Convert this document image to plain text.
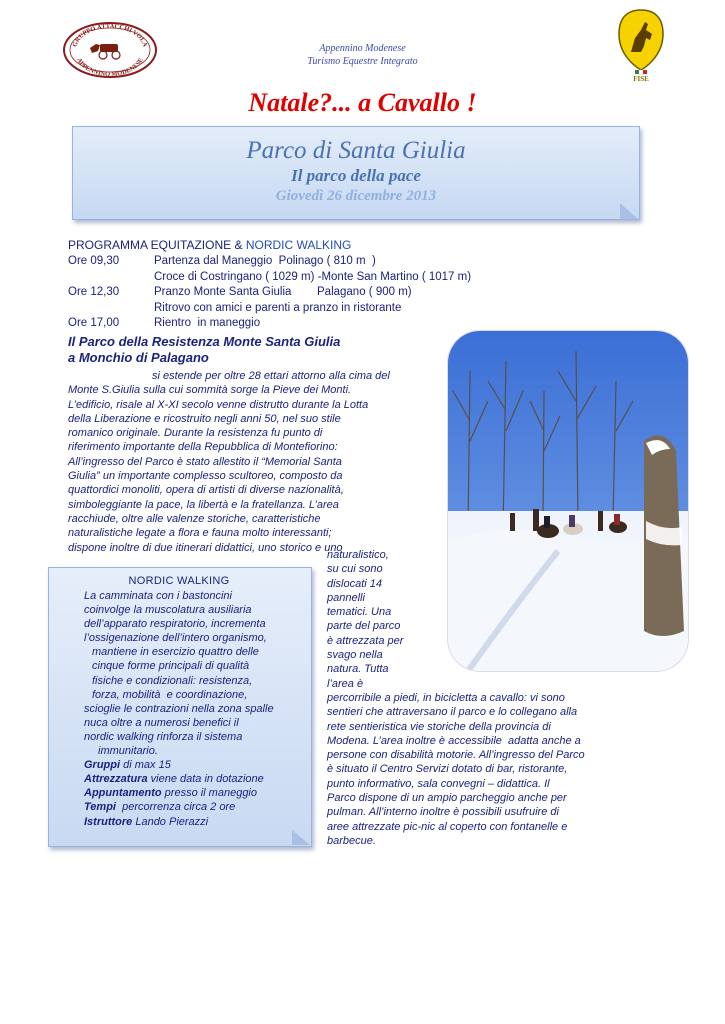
Appennino Modenese
Turismo Equestre Integrato
GRUPPO ATTACCHI VOLA
APPENNINO MODENESE
FISE
Natale?... a Cavallo !
Parco di Santa Giulia
Il parco della pace
Giovedì 26 dicembre 2013
PROGRAMMA EQUITAZIONE & NORDIC WALKING
Ore 09,30	Partenza dal Maneggio  Polinago ( 810 m  )
Croce di Costringano ( 1029 m) -Monte San Martino ( 1017 m)
Ore 12,30	Pranzo Monte Santa Giulia        Palagano ( 900 m)
Ritrovo con amici e parenti a pranzo in ristorante
Ore 17,00	Rientro  in maneggio
Il Parco della Resistenza Monte Santa Giulia
a Monchio di Palagano
si estende per oltre 28 ettari attorno alla cima del
Monte S.Giulia sulla cui sommità sorge la Pieve dei Monti.
L’edificio, risale al X-XI secolo venne distrutto durante la Lotta
della Liberazione e ricostruito negli anni 50, nel suo stile
romanico originale. Durante la resistenza fu punto di
riferimento importante della Repubblica di Montefiorino:
All’ingresso del Parco è stato allestito il “Memorial Santa
Giulia” un importante complesso scultoreo, composto da
quattordici monoliti, opera di artisti di diverse nazionalità,
simboleggiante la pace, la libertà e la fratellanza. L’area
racchiude, oltre alle valenze storiche, caratteristiche
naturalistiche legate a flora e fauna molto interessanti;
dispone inoltre di due itinerari didattici, uno storico e uno
naturalistico,
su cui sono
dislocati 14
pannelli
tematici. Una
parte del parco
è attrezzata per
svago nella
natura. Tutta
l’area è
percorribile a piedi, in bicicletta a cavallo: vi sono
sentieri che attraversano il parco e lo collegano alla
rete sentieristica vie storiche della provincia di
Modena. L’area inoltre è accessibile  adatta anche a
persone con disabilità motorie. All’ingresso del Parco
è situato il Centro Servizi dotato di bar, ristorante,
punto informativo, sala convegni – didattica. Il
Parco dispone di un ampio parcheggio anche per
pulman. All’interno inoltre è possibili usufruire di
aree attrezzate pic-nic al coperto con fontanelle e
barbecue.
NORDIC WALKING
La camminata con i bastoncini
coinvolge la muscolatura ausiliaria
dell’apparato respiratorio, incrementa
l’ossigenazione dell’intero organismo,
mantiene in esercizio quattro delle
cinque forme principali di qualità
fisiche e condizionali: resistenza,
forza, mobilità  e coordinazione,
scioglie le contrazioni nella zona spalle
nuca oltre a numerosi benefici il
nordic walking rinforza il sistema
immunitario.
Gruppi di max 15
Attrezzatura viene data in dotazione
Appuntamento presso il maneggio
Tempi  percorrenza circa 2 ore
Istruttore Lando Pierazzi
